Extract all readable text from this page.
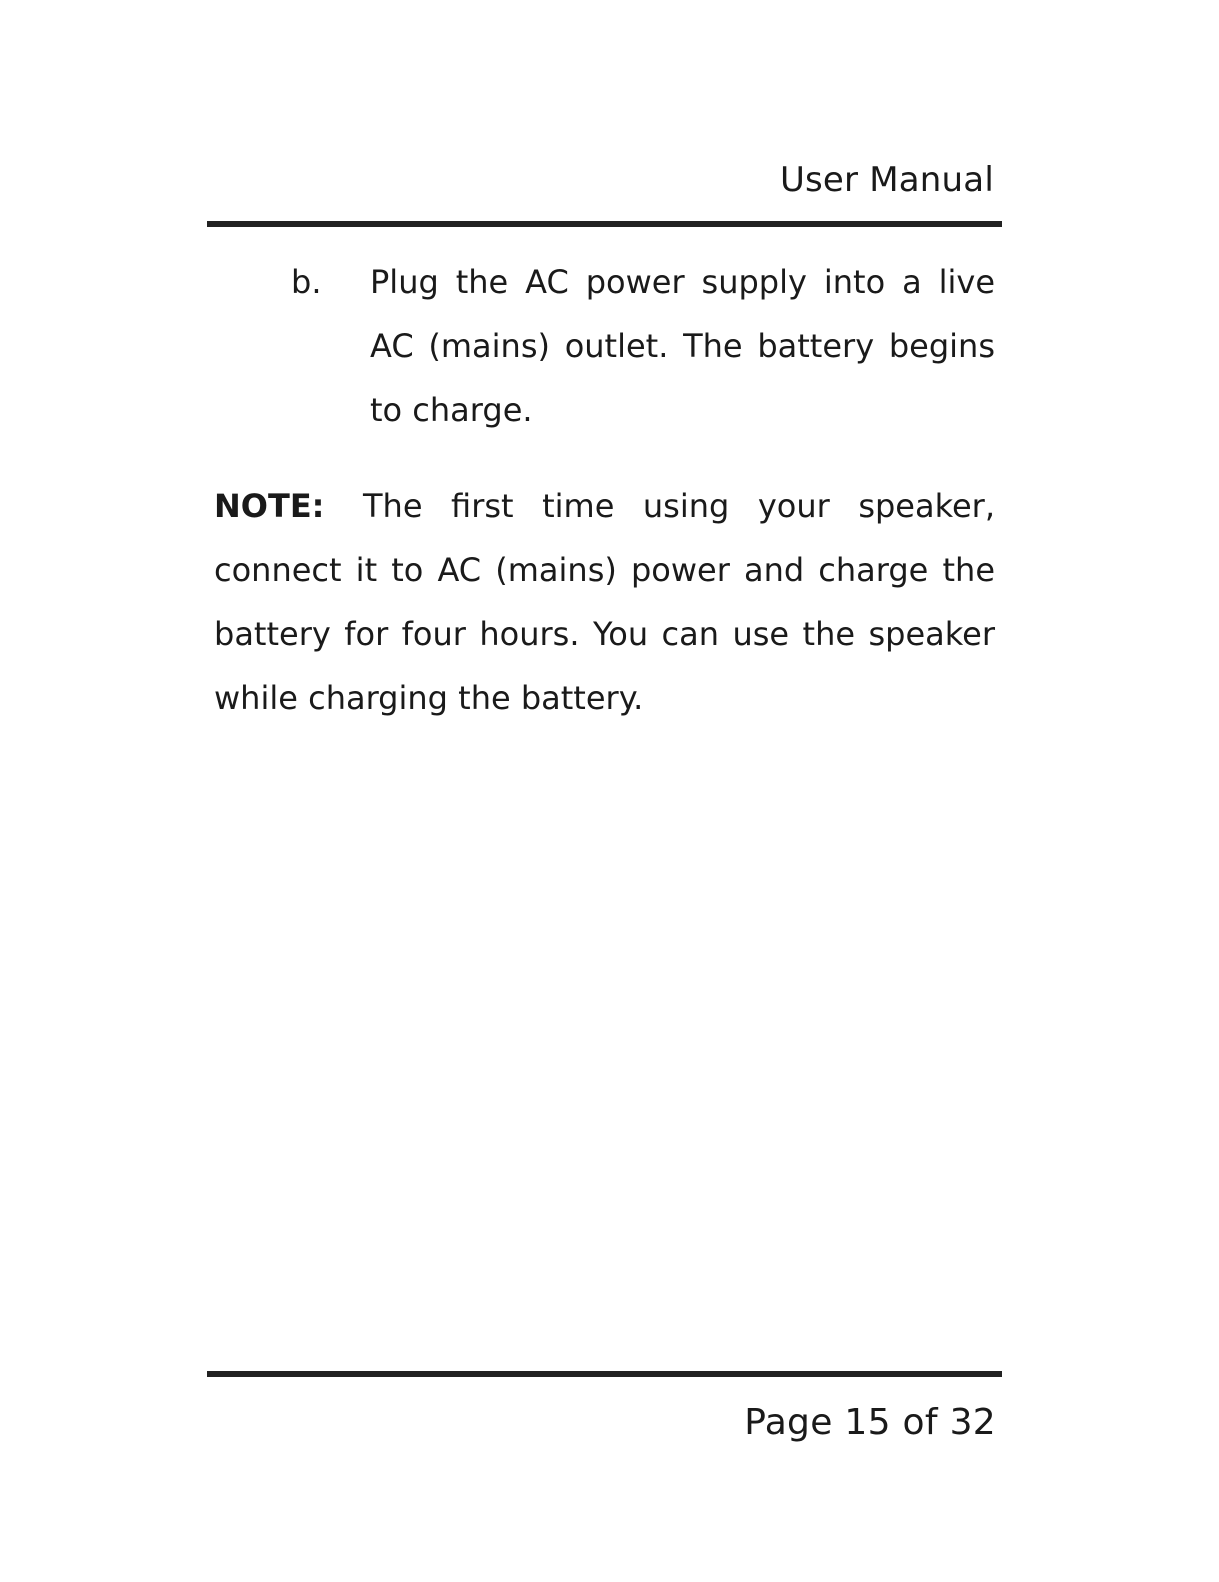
User Manual
b. Plug the AC power supply into a live AC (mains) outlet. The battery begins to charge.

NOTE: The first time using your speaker, connect it to AC (mains) power and charge the battery for four hours. You can use the speaker while charging the battery.

Page 15 of 32
